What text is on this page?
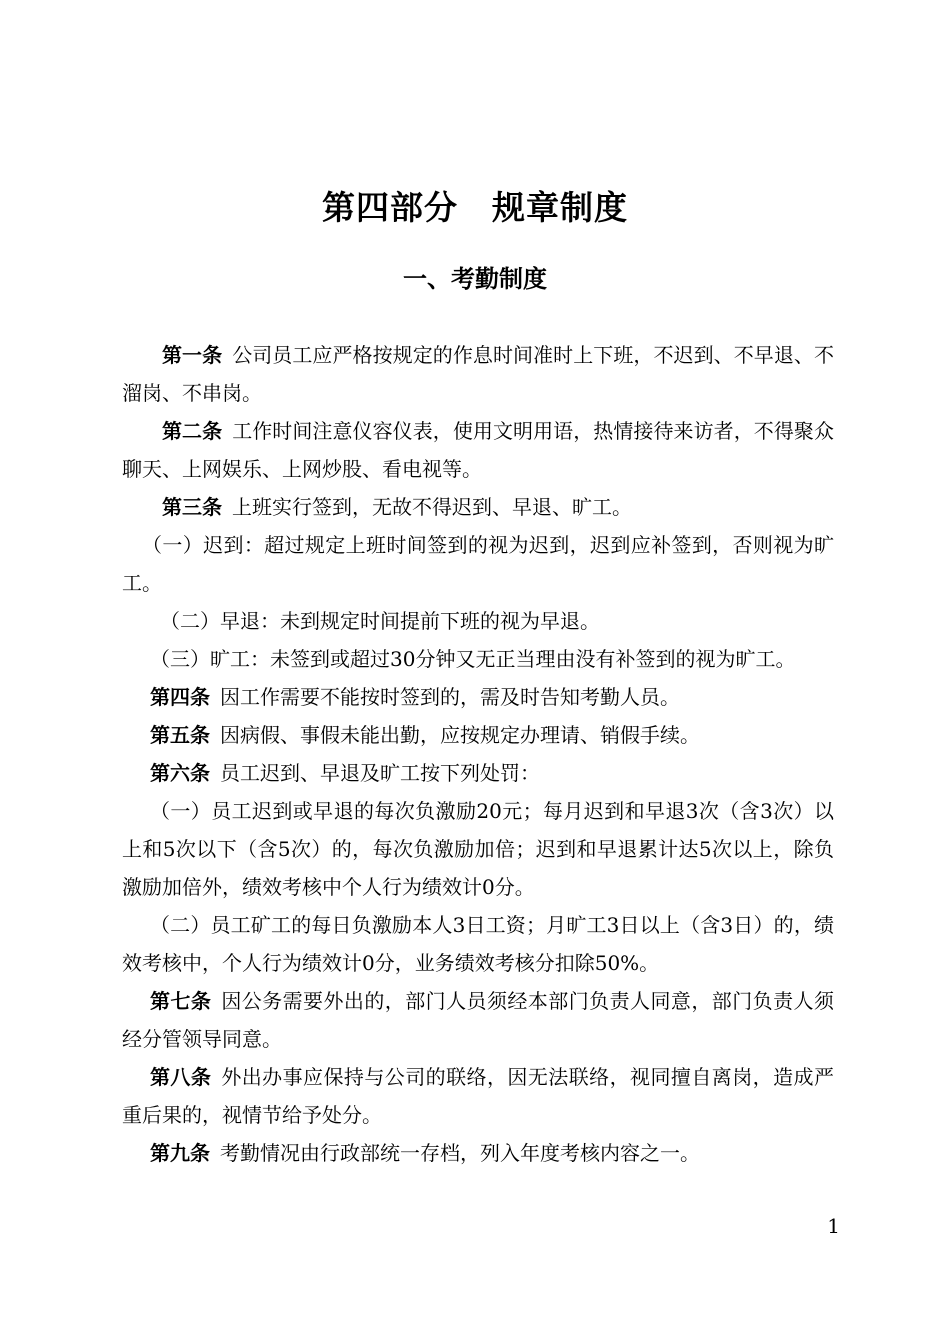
第四部分　规章制度
一、考勤制度

第一条 公司员工应严格按规定的作息时间准时上下班，不迟到、不早退、不溜岗、不串岗。

第二条 工作时间注意仪容仪表，使用文明用语，热情接待来访者，不得聚众聊天、上网娱乐、上网炒股、看电视等。

第三条 上班实行签到，无故不得迟到、早退、旷工。

（一）迟到：超过规定上班时间签到的视为迟到，迟到应补签到，否则视为旷工。

（二）早退：未到规定时间提前下班的视为早退。

（三）旷工：未签到或超过30分钟又无正当理由没有补签到的视为旷工。

第四条 因工作需要不能按时签到的，需及时告知考勤人员。

第五条 因病假、事假未能出勤，应按规定办理请、销假手续。

第六条 员工迟到、早退及旷工按下列处罚：

（一）员工迟到或早退的每次负激励20元；每月迟到和早退3次（含3次）以上和5次以下（含5次）的，每次负激励加倍；迟到和早退累计达5次以上，除负激励加倍外，绩效考核中个人行为绩效计0分。

（二）员工矿工的每日负激励本人3日工资；月旷工3日以上（含3日）的，绩效考核中，个人行为绩效计0分，业务绩效考核分扣除50%。

第七条 因公务需要外出的，部门人员须经本部门负责人同意，部门负责人须经分管领导同意。

第八条 外出办事应保持与公司的联络，因无法联络，视同擅自离岗，造成严重后果的，视情节给予处分。

第九条 考勤情况由行政部统一存档，列入年度考核内容之一。

1
